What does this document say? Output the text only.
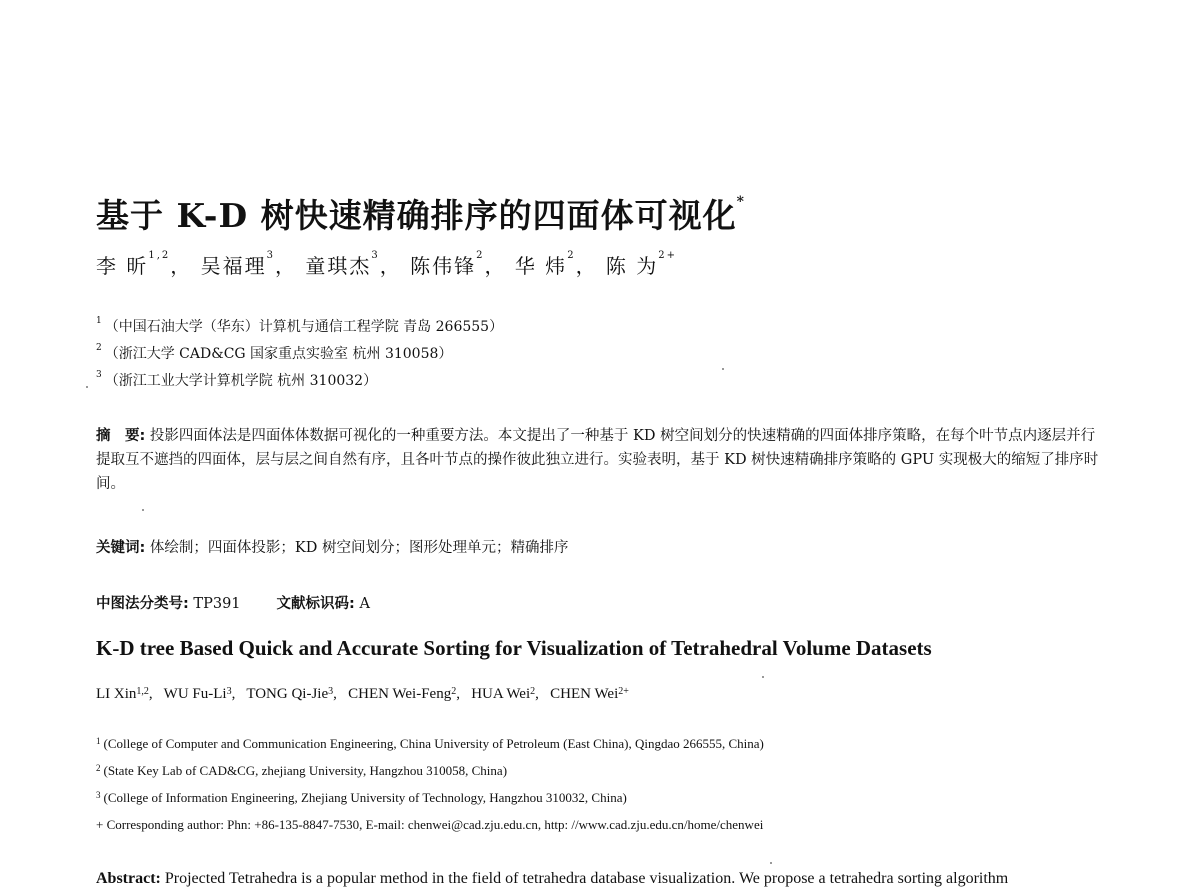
基于 K-D 树快速精确排序的四面体可视化*
李 昕$^{1,2}$， 吴福理$^3$， 童琪杰$^3$， 陈伟锋$^2$， 华 炜$^2$， 陈 为$^{2+}$
$^1$ （中国石油大学（华东）计算机与通信工程学院 青岛 266555）
$^2$ （浙江大学 CAD&CG 国家重点实验室 杭州 310058）
$^3$ （浙江工业大学计算机学院 杭州 310032）
摘　要: 投影四面体法是四面体体数据可视化的一种重要方法。本文提出了一种基于 KD 树空间划分的快速精确的四面体排序策略，在每个叶节点内逐层并行提取互不遮挡的四面体，层与层之间自然有序，且各叶节点的操作彼此独立进行。实验表明，基于 KD 树快速精确排序策略的 GPU 实现极大的缩短了排序时间。
关键词: 体绘制；四面体投影；KD 树空间划分；图形处理单元；精确排序
中图法分类号: TP391 文献标识码: A
K-D tree Based Quick and Accurate Sorting for Visualization of Tetrahedral Volume Datasets
LI Xin$^{1,2}$,   WU Fu-Li$^3$,   TONG Qi-Jie$^3$,   CHEN Wei-Feng$^2$,   HUA Wei$^2$,   CHEN Wei$^{2+}$
$^1$ (College of Computer and Communication Engineering, China University of Petroleum (East China), Qingdao 266555, China)
$^2$ (State Key Lab of CAD&CG, zhejiang University, Hangzhou 310058, China)
$^3$ (College of Information Engineering, Zhejiang University of Technology, Hangzhou 310032, China)
+ Corresponding author: Phn: +86-135-8847-7530, E-mail: chenwei@cad.zju.edu.cn, http: //www.cad.zju.edu.cn/home/chenwei
Abstract: Projected Tetrahedra is a popular method in the field of tetrahedra database visualization. We propose a tetrahedra sorting algorithm
